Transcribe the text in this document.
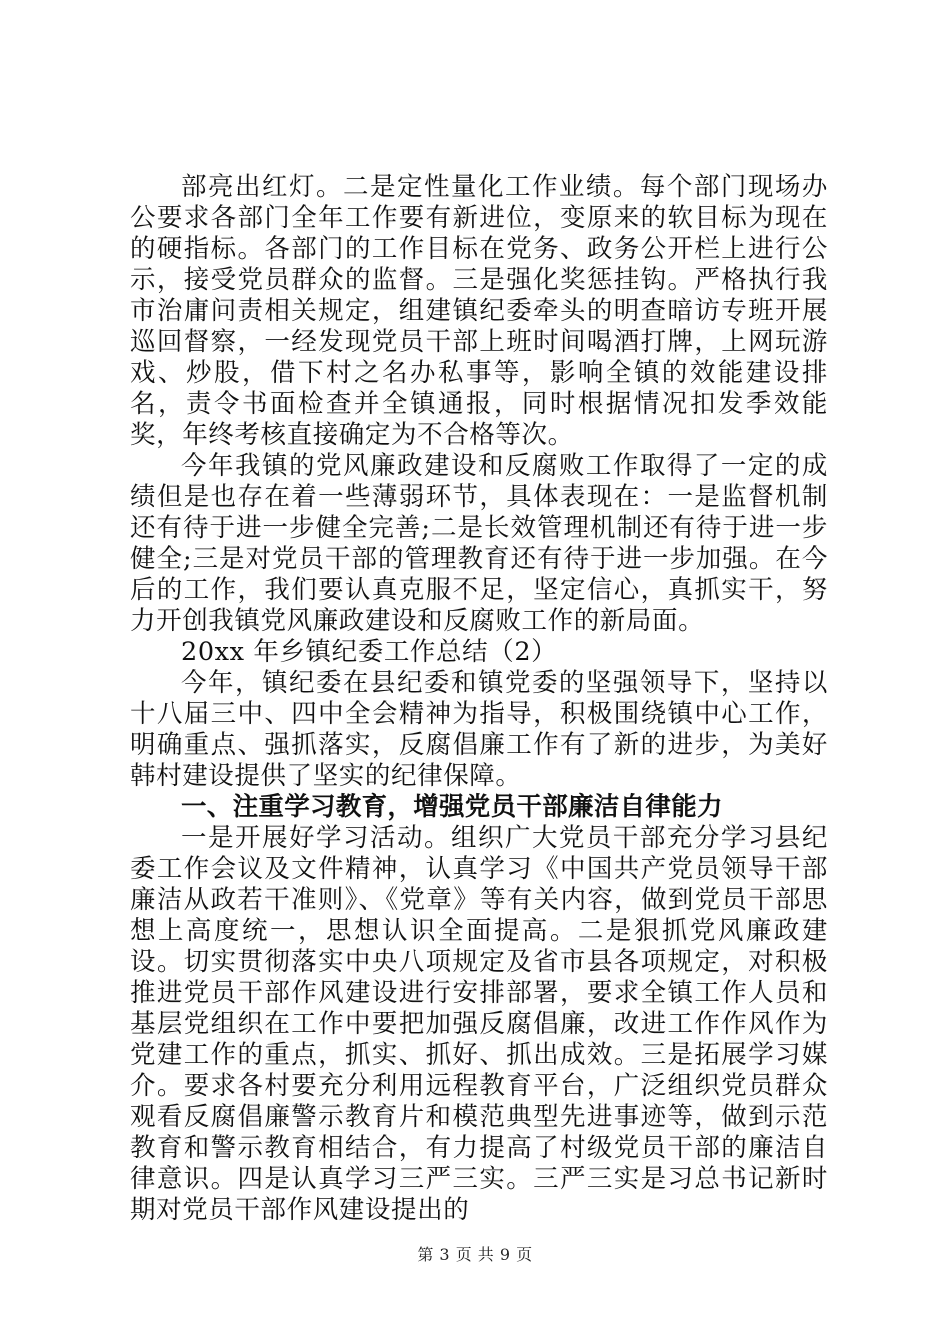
部亮出红灯。二是定性量化工作业绩。每个部门现场办公要求各部门全年工作要有新进位，变原来的软目标为现在的硬指标。各部门的工作目标在党务、政务公开栏上进行公示，接受党员群众的监督。三是强化奖惩挂钩。严格执行我市治庸问责相关规定，组建镇纪委牵头的明查暗访专班开展巡回督察，一经发现党员干部上班时间喝酒打牌，上网玩游戏、炒股，借下村之名办私事等，影响全镇的效能建设排名，责令书面检查并全镇通报，同时根据情况扣发季效能奖，年终考核直接确定为不合格等次。

今年我镇的党风廉政建设和反腐败工作取得了一定的成绩但是也存在着一些薄弱环节，具体表现在：一是监督机制还有待于进一步健全完善;二是长效管理机制还有待于进一步健全;三是对党员干部的管理教育还有待于进一步加强。在今后的工作，我们要认真克服不足，坚定信心，真抓实干，努力开创我镇党风廉政建设和反腐败工作的新局面。

20xx 年乡镇纪委工作总结（2）

今年，镇纪委在县纪委和镇党委的坚强领导下，坚持以十八届三中、四中全会精神为指导，积极围绕镇中心工作，明确重点、强抓落实，反腐倡廉工作有了新的进步，为美好韩村建设提供了坚实的纪律保障。

一、注重学习教育，增强党员干部廉洁自律能力

一是开展好学习活动。组织广大党员干部充分学习县纪委工作会议及文件精神，认真学习《中国共产党员领导干部廉洁从政若干准则》、《党章》等有关内容，做到党员干部思想上高度统一，思想认识全面提高。二是狠抓党风廉政建设。切实贯彻落实中央八项规定及省市县各项规定，对积极推进党员干部作风建设进行安排部署，要求全镇工作人员和基层党组织在工作中要把加强反腐倡廉，改进工作作风作为党建工作的重点，抓实、抓好、抓出成效。三是拓展学习媒介。要求各村要充分利用远程教育平台，广泛组织党员群众观看反腐倡廉警示教育片和模范典型先进事迹等，做到示范教育和警示教育相结合，有力提高了村级党员干部的廉洁自律意识。四是认真学习三严三实。三严三实是习总书记新时期对党员干部作风建设提出的

第 3 页 共 9 页
